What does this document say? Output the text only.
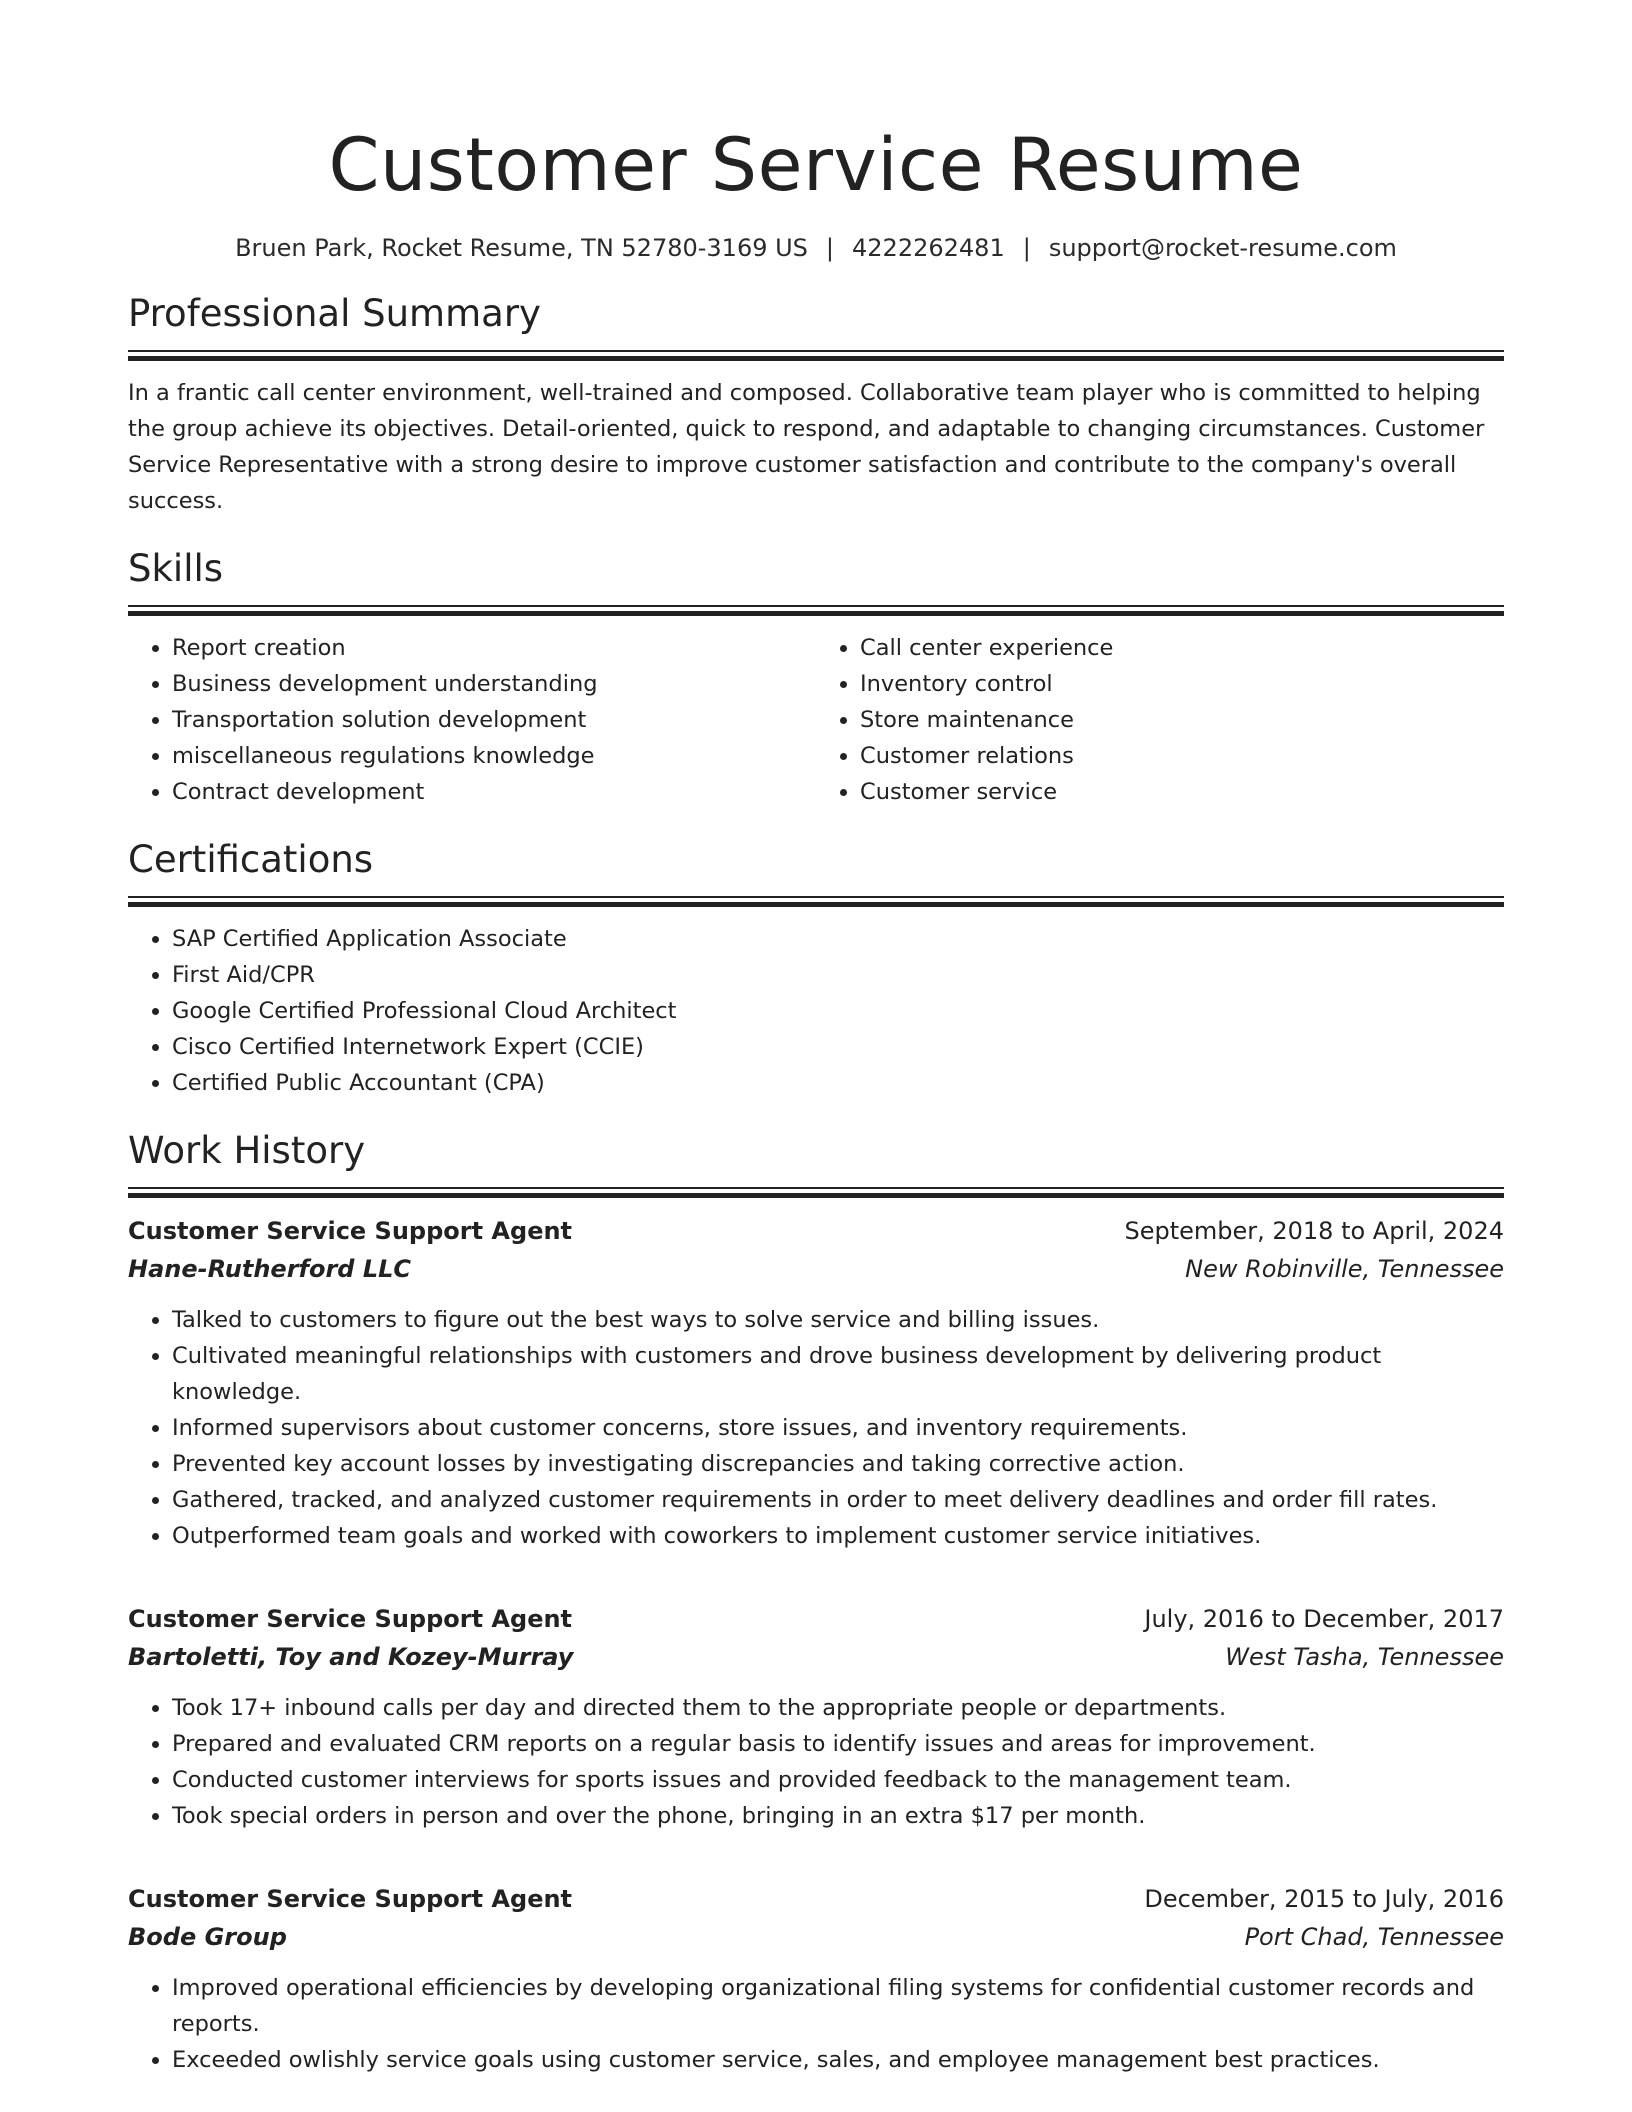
Customer Service Resume
Bruen Park, Rocket Resume, TN 52780-3169 US | 4222262481 | support@rocket-resume.com
Professional Summary

In a frantic call center environment, well-trained and composed. Collaborative team player who is committed to helping the group achieve its objectives. Detail-oriented, quick to respond, and adaptable to changing circumstances. Customer Service Representative with a strong desire to improve customer satisfaction and contribute to the company's overall success.

Skills
• Report creation
• Business development understanding
• Transportation solution development
• miscellaneous regulations knowledge
• Contract development
• Call center experience
• Inventory control
• Store maintenance
• Customer relations
• Customer service
Certifications
• SAP Certified Application Associate
• First Aid/CPR
• Google Certified Professional Cloud Architect
• Cisco Certified Internetwork Expert (CCIE)
• Certified Public Accountant (CPA)
Work History
Customer Service Support Agent	September, 2018 to April, 2024
Hane-Rutherford LLC	New Robinville, Tennessee
• Talked to customers to figure out the best ways to solve service and billing issues.
• Cultivated meaningful relationships with customers and drove business development by delivering product knowledge.
• Informed supervisors about customer concerns, store issues, and inventory requirements.
• Prevented key account losses by investigating discrepancies and taking corrective action.
• Gathered, tracked, and analyzed customer requirements in order to meet delivery deadlines and order fill rates.
• Outperformed team goals and worked with coworkers to implement customer service initiatives.
Customer Service Support Agent	July, 2016 to December, 2017
Bartoletti, Toy and Kozey-Murray	West Tasha, Tennessee
• Took 17+ inbound calls per day and directed them to the appropriate people or departments.
• Prepared and evaluated CRM reports on a regular basis to identify issues and areas for improvement.
• Conducted customer interviews for sports issues and provided feedback to the management team.
• Took special orders in person and over the phone, bringing in an extra $17 per month.
Customer Service Support Agent	December, 2015 to July, 2016
Bode Group	Port Chad, Tennessee
• Improved operational efficiencies by developing organizational filing systems for confidential customer records and reports.
• Exceeded owlishly service goals using customer service, sales, and employee management best practices.
